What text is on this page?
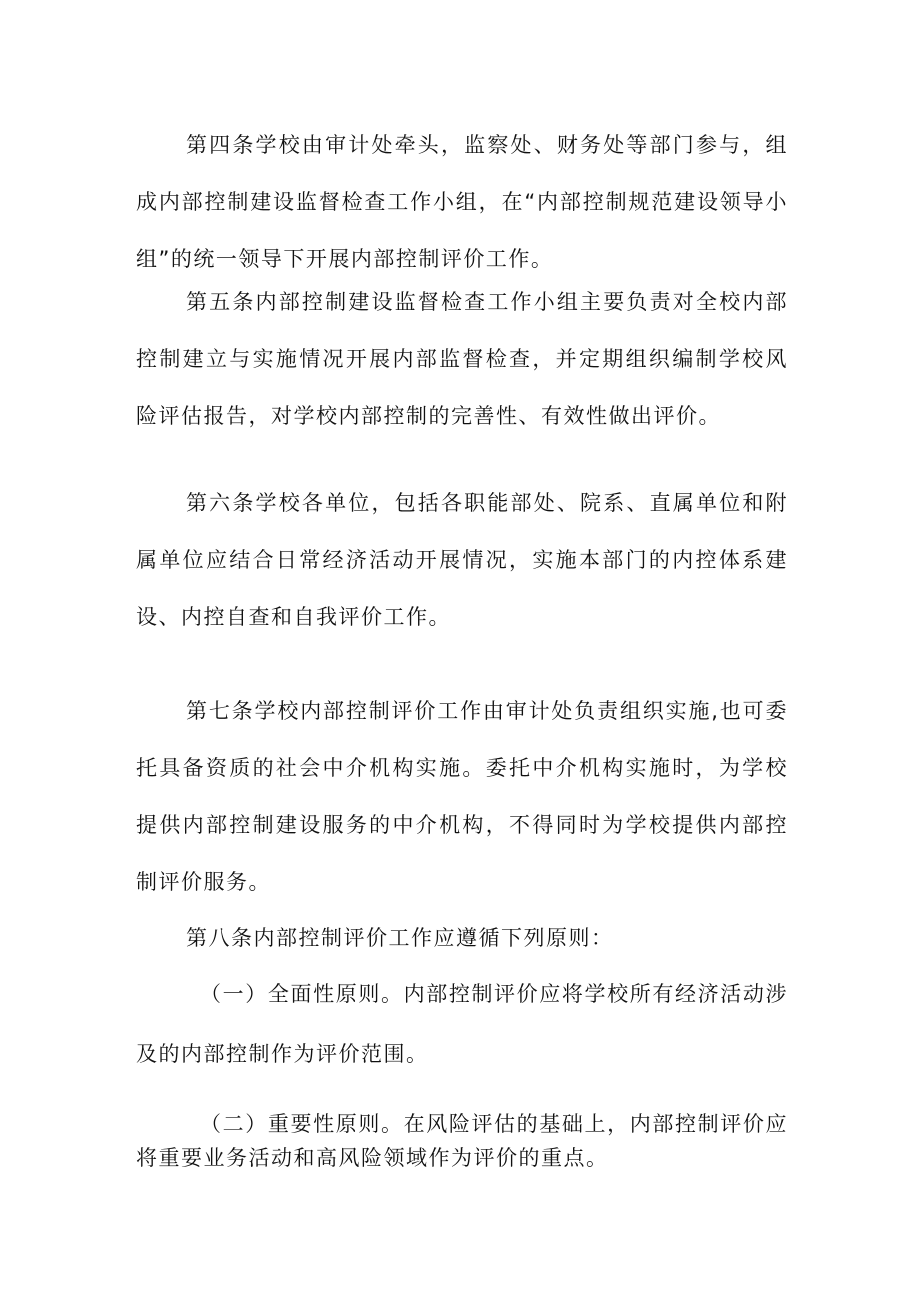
第四条学校由审计处牵头，监察处、财务处等部门参与，组成内部控制建设监督检查工作小组，在“内部控制规范建设领导小组”的统一领导下开展内部控制评价工作。

第五条内部控制建设监督检查工作小组主要负责对全校内部控制建立与实施情况开展内部监督检查，并定期组织编制学校风险评估报告，对学校内部控制的完善性、有效性做出评价。

第六条学校各单位，包括各职能部处、院系、直属单位和附属单位应结合日常经济活动开展情况，实施本部门的内控体系建设、内控自查和自我评价工作。

第七条学校内部控制评价工作由审计处负责组织实施,也可委托具备资质的社会中介机构实施。委托中介机构实施时，为学校提供内部控制建设服务的中介机构，不得同时为学校提供内部控制评价服务。

第八条内部控制评价工作应遵循下列原则：

（一）全面性原则。内部控制评价应将学校所有经济活动涉及的内部控制作为评价范围。

（二）重要性原则。在风险评估的基础上，内部控制评价应将重要业务活动和高风险领域作为评价的重点。
